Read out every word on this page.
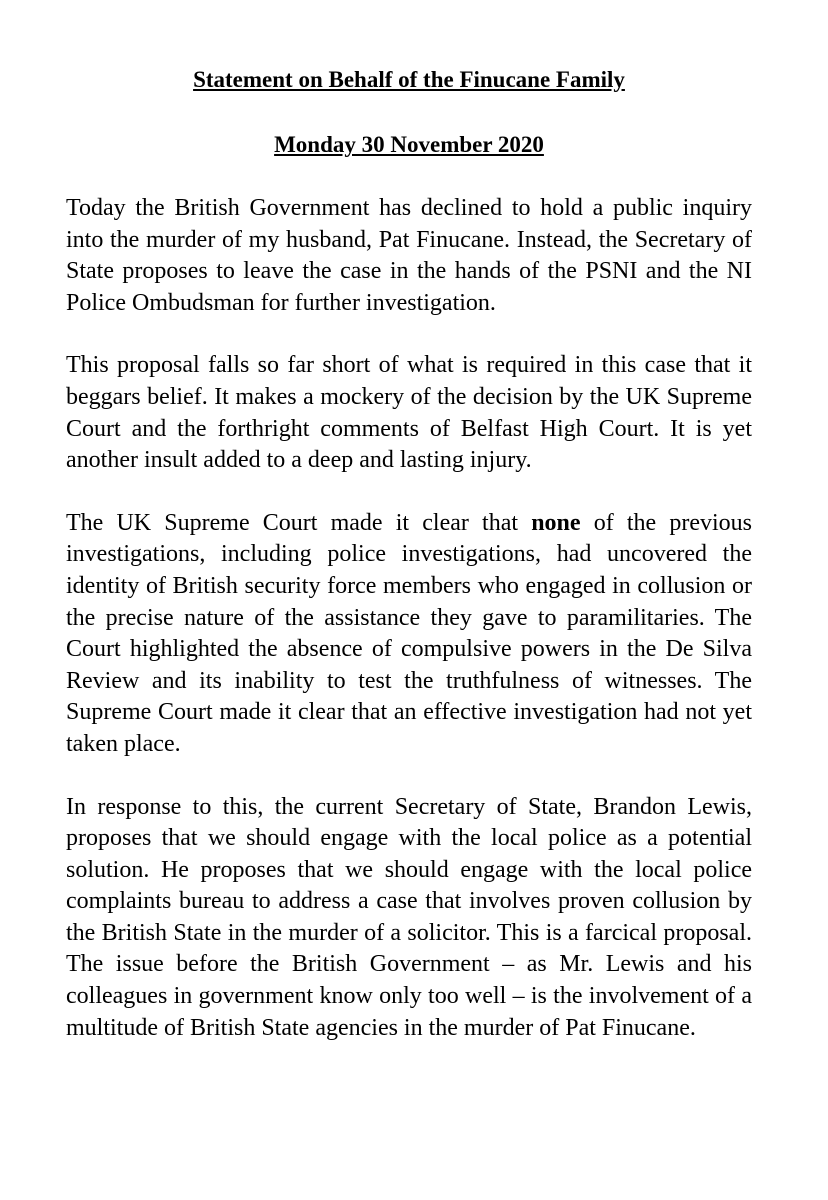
Statement on Behalf of the Finucane Family
Monday 30 November 2020

Today the British Government has declined to hold a public inquiry into the murder of my husband, Pat Finucane. Instead, the Secretary of State proposes to leave the case in the hands of the PSNI and the NI Police Ombudsman for further investigation.

This proposal falls so far short of what is required in this case that it beggars belief. It makes a mockery of the decision by the UK Supreme Court and the forthright comments of Belfast High Court. It is yet another insult added to a deep and lasting injury.

The UK Supreme Court made it clear that none of the previous investigations, including police investigations, had uncovered the identity of British security force members who engaged in collusion or the precise nature of the assistance they gave to paramilitaries. The Court highlighted the absence of compulsive powers in the De Silva Review and its inability to test the truthfulness of witnesses. The Supreme Court made it clear that an effective investigation had not yet taken place.

In response to this, the current Secretary of State, Brandon Lewis, proposes that we should engage with the local police as a potential solution. He proposes that we should engage with the local police complaints bureau to address a case that involves proven collusion by the British State in the murder of a solicitor. This is a farcical proposal. The issue before the British Government – as Mr. Lewis and his colleagues in government know only too well – is the involvement of a multitude of British State agencies in the murder of Pat Finucane.
